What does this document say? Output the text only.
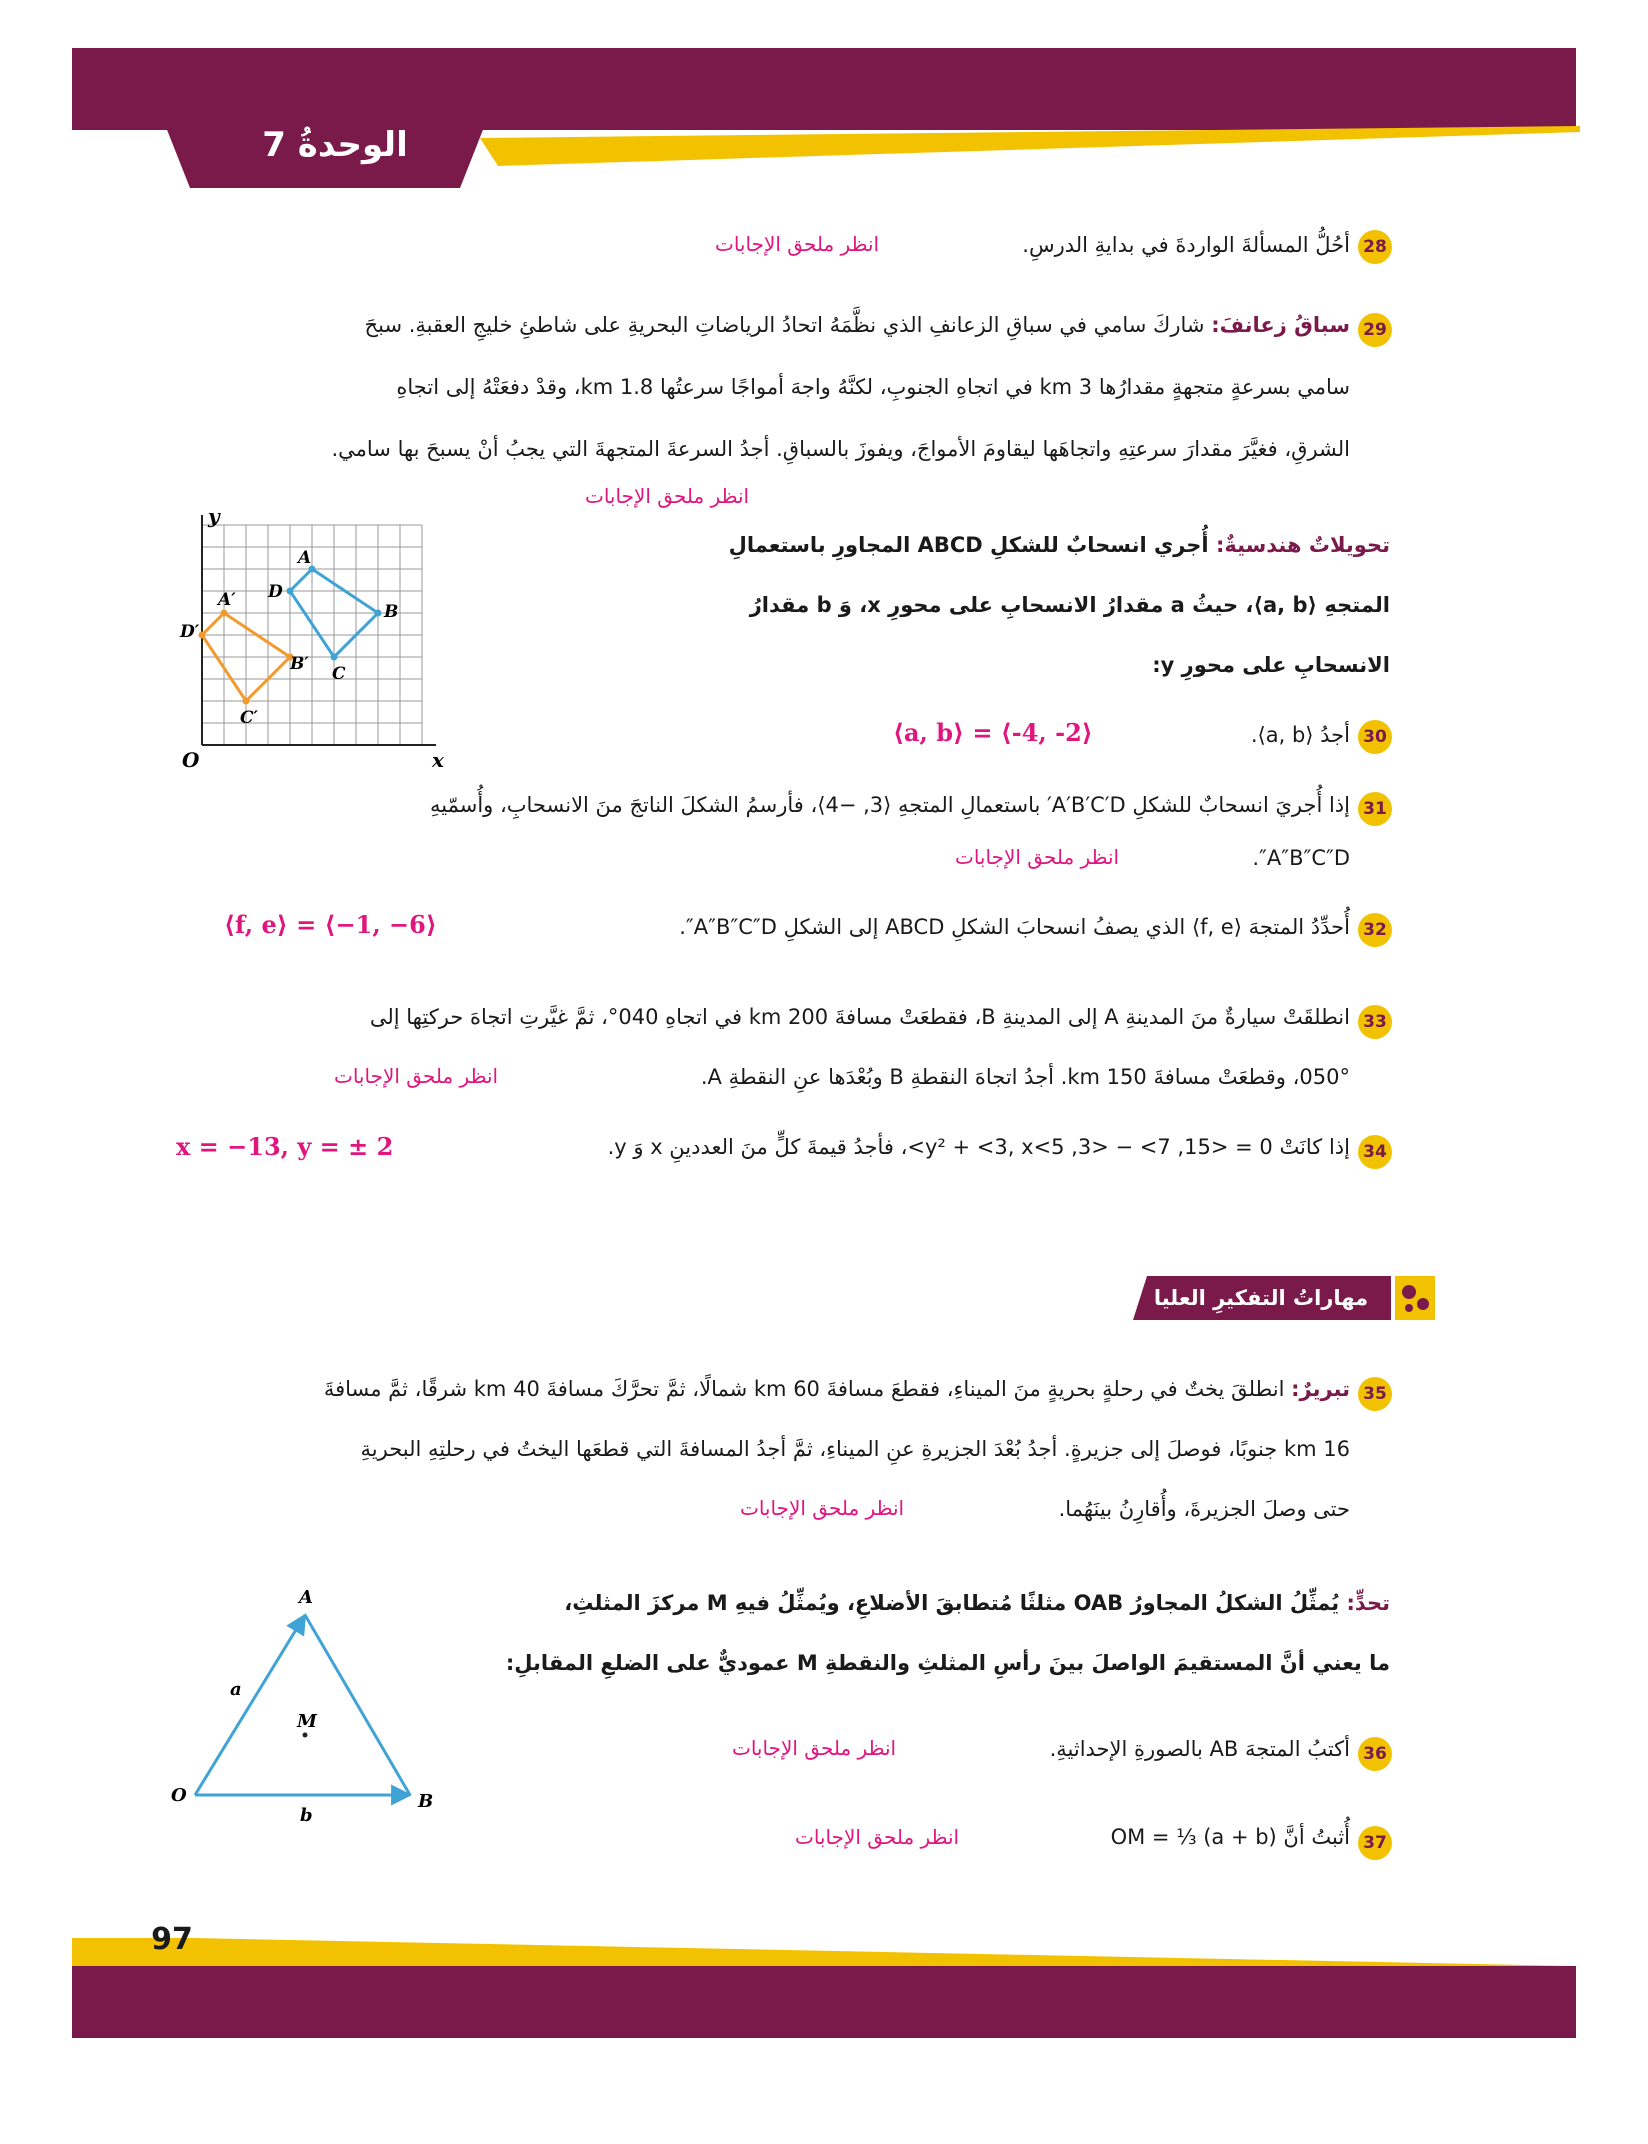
الوحدةُ 7
97
28
أحُلُّ المسألةَ الواردةَ في بدايةِ الدرسِ.
انظر ملحق الإجابات
29
سباقُ زعانفَ: شاركَ سامي في سباقِ الزعانفِ الذي نظَّمَهُ اتحادُ الرياضاتِ البحريةِ على شاطئِ خليجِ العقبةِ. سبحَ
سامي بسرعةٍ متجهةٍ مقدارُها 3 km في اتجاهِ الجنوبِ، لكنَّهُ واجهَ أمواجًا سرعتُها 1.8 km، وقدْ دفعَتْهُ إلى اتجاهِ
الشرقِ، فغيَّرَ مقدارَ سرعتِهِ واتجاهَها ليقاومَ الأمواجَ، ويفوزَ بالسباقِ. أجدُ السرعةَ المتجهةَ التي يجبُ أنْ يسبحَ بها سامي.
انظر ملحق الإجابات
تحويلاتٌ هندسيةٌ: أُجري انسحابٌ للشكلِ ABCD المجاورِ باستعمالِ
المتجهِ ⟨a, b⟩، حيثُ a مقدارُ الانسحابِ على محورِ x، وَ b مقدارُ
الانسحابِ على محورِ y:
x
y
O
A
B
C
D
A′
B′
C′
D′
30
أجدُ ⟨a, b⟩.
⟨a, b⟩ = ⟨-4, -2⟩
31
إذا أُجريَ انسحابٌ للشكلِ A′B′C′D′ باستعمالِ المتجهِ ⟨3, −4⟩، فأرسمُ الشكلَ الناتجَ منَ الانسحابِ، وأُسمّيهِ
A″B″C″D″.
انظر ملحق الإجابات
32
أُحدِّدُ المتجهَ ⟨f, e⟩ الذي يصفُ انسحابَ الشكلِ ABCD إلى الشكلِ A″B″C″D″.
⟨f, e⟩ = ⟨−1, −6⟩
33
انطلقَتْ سيارةٌ منَ المدينةِ A إلى المدينةِ B، فقطعَتْ مسافةَ 200 km في اتجاهِ 040°، ثمَّ غيَّرتِ اتجاهَ حركتِها إلى
050°، وقطعَتْ مسافةَ 150 km. أجدُ اتجاهَ النقطةِ B وبُعْدَها عنِ النقطةِ A.
انظر ملحق الإجابات
34
إذا كانَتْ 0 = <15, 7> − <3, 5>y² + <3, x>، فأجدُ قيمةَ كلٍّ منَ العددينِ x وَ y.
x = −13, y = ± 2
مهاراتُ التفكيرِ العليا
35
تبريرٌ: انطلقَ يختٌ في رحلةٍ بحريةٍ منَ الميناءِ، فقطعَ مسافةَ 60 km شمالًا، ثمَّ تحرَّكَ مسافةَ 40 km شرقًا، ثمَّ مسافةَ
16 km جنوبًا، فوصلَ إلى جزيرةٍ. أجدُ بُعْدَ الجزيرةِ عنِ الميناءِ، ثمَّ أجدُ المسافةَ التي قطعَها اليختُ في رحلتِهِ البحريةِ
حتى وصلَ الجزيرةَ، وأُقارِنُ بينَهُما.
انظر ملحق الإجابات
تحدٍّ: يُمثِّلُ الشكلُ المجاورُ OAB مثلثًا مُتطابقَ الأضلاعِ، ويُمثِّلُ فيهِ M مركزَ المثلثِ،
ما يعني أنَّ المستقيمَ الواصلَ بينَ رأسِ المثلثِ والنقطةِ M عموديٌّ على الضلعِ المقابلِ:
A
O	B
M
a
b
36
أكتبُ المتجهَ AB بالصورةِ الإحداثيةِ.
انظر ملحق الإجابات
37
أُثبتُ أنَّ OM = ⅓ (a + b)
انظر ملحق الإجابات
